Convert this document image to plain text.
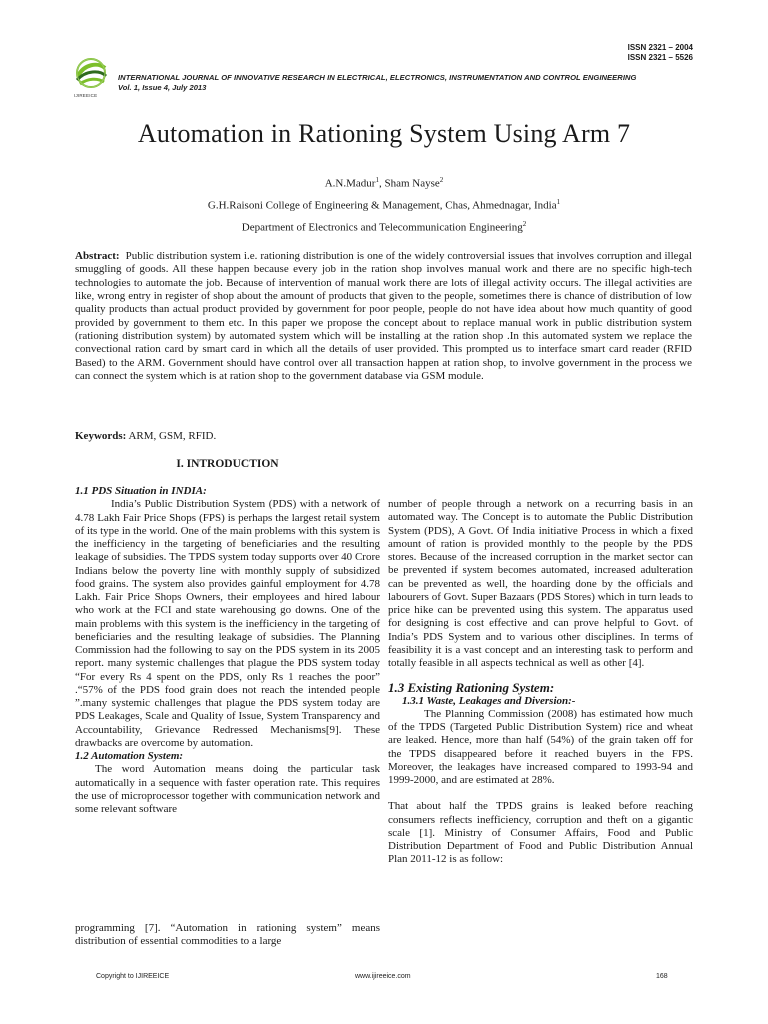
ISSN 2321 – 2004
ISSN 2321 – 5526
IJIREEICE
INTERNATIONAL JOURNAL OF INNOVATIVE RESEARCH IN ELECTRICAL, ELECTRONICS, INSTRUMENTATION AND CONTROL ENGINEERING
Vol. 1, Issue 4, July 2013
Automation in Rationing System Using Arm 7
A.N.Madur$^1$, Sham Nayse$^2$
G.H.Raisoni College of Engineering & Management, Chas, Ahmednagar, India$^1$
Department of Electronics and Telecommunication Engineering$^2$
Abstract: Public distribution system i.e. rationing distribution is one of the widely controversial issues that involves corruption and illegal smuggling of goods. All these happen because every job in the ration shop involves manual work and there are no specific high-tech technologies to automate the job. Because of intervention of manual work there are lots of illegal activity occurs. The illegal activities are like, wrong entry in register of shop about the amount of products that given to the people, sometimes there is chance of distribution of low quality products than actual product provided by government for poor people, people do not have idea about how much quantity of good provided by government to them etc. In this paper we propose the concept about to replace manual work in public distribution system (rationing distribution system) by automated system which will be installing at the ration shop .In this automated system we replace the convectional ration card by smart card in which all the details of user provided. This prompted us to interface smart card reader (RFID Based) to the ARM. Government should have control over all transaction happen at ration shop, to involve government in the process we can connect the system which is at ration shop to the government database via GSM module.
Keywords: ARM, GSM, RFID.
I. INTRODUCTION

1.1 PDS Situation in INDIA:

India’s Public Distribution System (PDS) with a network of 4.78 Lakh Fair Price Shops (FPS) is perhaps the largest retail system of its type in the world. One of the main problems with this system is the inefficiency in the targeting of beneficiaries and the resulting leakage of subsidies. The TPDS system today supports over 40 Crore Indians below the poverty line with monthly supply of subsidized food grains. The system also provides gainful employment for 4.78 Lakh. Fair Price Shops Owners, their employees and hired labour who work at the FCI and state warehousing go downs. One of the main problems with this system is the inefficiency in the targeting of beneficiaries and the resulting leakage of subsidies. The Planning Commission had the following to say on the PDS system in its 2005 report. many systemic challenges that plague the PDS system today “For every Rs 4 spent on the PDS, only Rs 1 reaches the poor” .“57% of the PDS food grain does not reach the intended people ”.many systemic challenges that plague the PDS system today are PDS Leakages, Scale and Quality of Issue, System Transparency and Accountability, Grievance Redressed Mechanisms[9]. These drawbacks are overcome by automation.

1.2 Automation System:

The word Automation means doing the particular task automatically in a sequence with faster operation rate. This requires the use of microprocessor together with communication network and some relevant software

programming [7]. “Automation in rationing system” means distribution of essential commodities to a large

number of people through a network on a recurring basis in an automated way. The Concept is to automate the Public Distribution System (PDS), A Govt. Of India initiative Process in which a fixed amount of ration is provided monthly to the people by the PDS stores. Because of the increased corruption in the market sector can be prevented if system becomes automated, increased adulteration can be prevented as well, the hoarding done by the officials and labourers of Govt. Super Bazaars (PDS Stores) which in turn leads to price hike can be prevented using this system. The apparatus used for designing is cost effective and can prove helpful to Govt. of India’s PDS System and to various other disciplines. In terms of feasibility it is a vast concept and an interesting task to perform and totally feasible in all aspects technical as well as other [4].

1.3 Existing Rationing System:

1.3.1 Waste, Leakages and Diversion:-

The Planning Commission (2008) has estimated how much of the TPDS (Targeted Public Distribution System) rice and wheat are leaked. Hence, more than half (54%) of the grain taken off for the TPDS disappeared before it reached buyers in the FPS. Moreover, the leakages have increased compared to 1993-94 and 1999-2000, and are estimated at 28%.

That about half the TPDS grains is leaked before reaching consumers reflects inefficiency, corruption and theft on a gigantic scale [1]. Ministry of Consumer Affairs, Food and Public Distribution Department of Food and Public Distribution Annual Plan 2011-12 is as follow:

Copyright to IJIREEICE	www.ijireeice.com	168
